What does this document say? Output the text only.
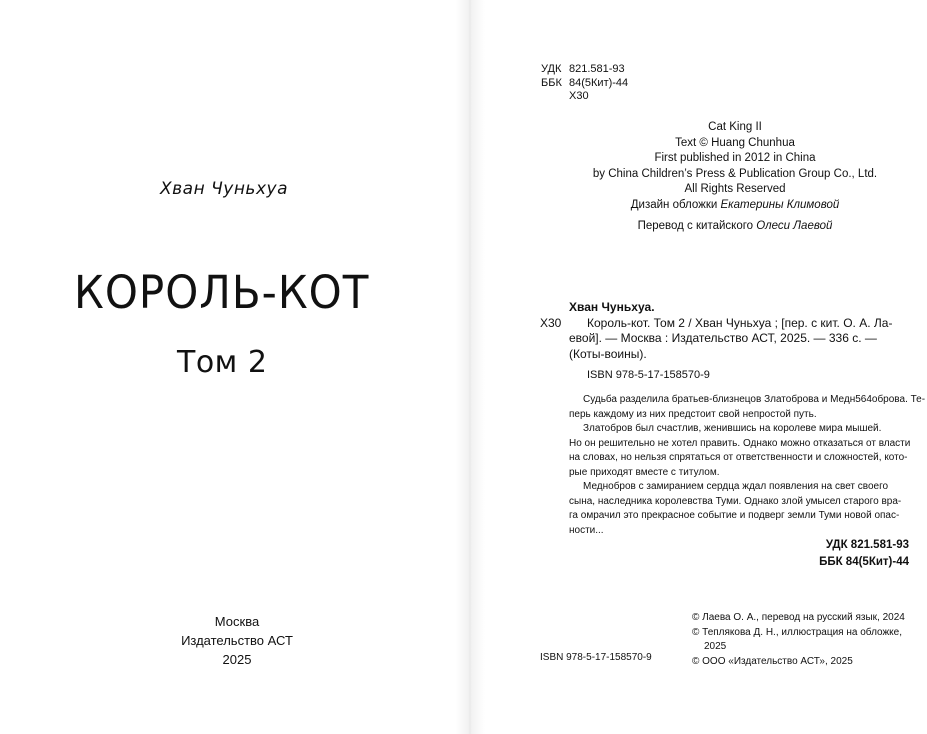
Хван Чуньхуа
КОРОЛЬ-КОТ
Том 2
Москва
Издательство АСТ
2025
УДК 821.581-93
ББК 84(5Кит)-44
Х30
Cat King II
Text © Huang Chunhua
First published in 2012 in China
by China Children’s Press & Publication Group Co., Ltd.
All Rights Reserved
Дизайн обложки Екатерины Климовой
Перевод с китайского Олеси Лаевой
Хван Чуньхуа.
Х30	Король-кот. Том 2 / Хван Чуньхуа ; [пер. с кит. О. А. Ла-
евой]. — Москва : Издательство АСТ, 2025. — 336 с. —
(Коты-воины).
ISBN 978-5-17-158570-9
Судьба разделила братьев-близнецов Златоброва и Медн564оброва. Те-
перь каждому из них предстоит свой непростой путь.
Златобров был счастлив, женившись на королеве мира мышей.
Но он решительно не хотел править. Однако можно отказаться от власти
на словах, но нельзя спрятаться от ответственности и сложностей, кото-
рые приходят вместе с титулом.
Меднобров с замиранием сердца ждал появления на свет своего
сына, наследника королевства Туми. Однако злой умысел старого вра-
га омрачил это прекрасное событие и подверг земли Туми новой опас-
ности...
УДК 821.581-93
ББК 84(5Кит)-44
© Лаева О. А., перевод на русский язык, 2024
© Теплякова Д. Н., иллюстрация на обложке,
2025
© ООО «Издательство АСТ», 2025
ISBN 978-5-17-158570-9
